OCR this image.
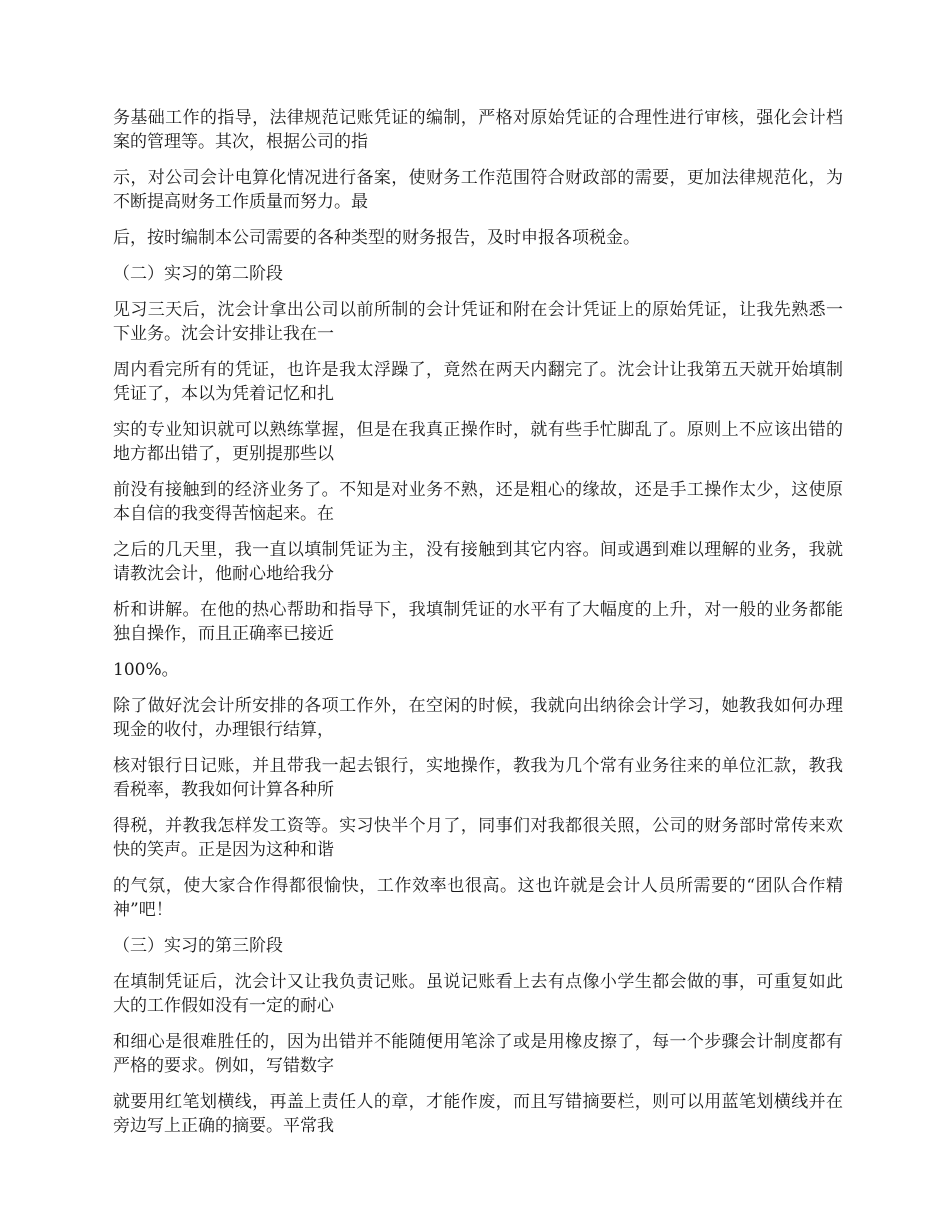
务基础工作的指导，法律规范记账凭证的编制，严格对原始凭证的合理性进行审核，强化会计档案的管理等。其次，根据公司的指

示，对公司会计电算化情况进行备案，使财务工作范围符合财政部的需要，更加法律规范化，为不断提高财务工作质量而努力。最

后，按时编制本公司需要的各种类型的财务报告，及时申报各项税金。

（二）实习的第二阶段

见习三天后，沈会计拿出公司以前所制的会计凭证和附在会计凭证上的原始凭证，让我先熟悉一下业务。沈会计安排让我在一

周内看完所有的凭证，也许是我太浮躁了，竟然在两天内翻完了。沈会计让我第五天就开始填制凭证了，本以为凭着记忆和扎

实的专业知识就可以熟练掌握，但是在我真正操作时，就有些手忙脚乱了。原则上不应该出错的地方都出错了，更别提那些以

前没有接触到的经济业务了。不知是对业务不熟，还是粗心的缘故，还是手工操作太少，这使原本自信的我变得苦恼起来。在

之后的几天里，我一直以填制凭证为主，没有接触到其它内容。间或遇到难以理解的业务，我就请教沈会计，他耐心地给我分

析和讲解。在他的热心帮助和指导下，我填制凭证的水平有了大幅度的上升，对一般的业务都能独自操作，而且正确率已接近

100%。

除了做好沈会计所安排的各项工作外，在空闲的时候，我就向出纳徐会计学习，她教我如何办理现金的收付，办理银行结算，

核对银行日记账，并且带我一起去银行，实地操作，教我为几个常有业务往来的单位汇款，教我看税率，教我如何计算各种所

得税，并教我怎样发工资等。实习快半个月了，同事们对我都很关照，公司的财务部时常传来欢快的笑声。正是因为这种和谐

的气氛，使大家合作得都很愉快，工作效率也很高。这也许就是会计人员所需要的“团队合作精神”吧！

（三）实习的第三阶段

在填制凭证后，沈会计又让我负责记账。虽说记账看上去有点像小学生都会做的事，可重复如此大的工作假如没有一定的耐心

和细心是很难胜任的，因为出错并不能随便用笔涂了或是用橡皮擦了，每一个步骤会计制度都有严格的要求。例如，写错数字

就要用红笔划横线，再盖上责任人的章，才能作废，而且写错摘要栏，则可以用蓝笔划横线并在旁边写上正确的摘要。平常我
